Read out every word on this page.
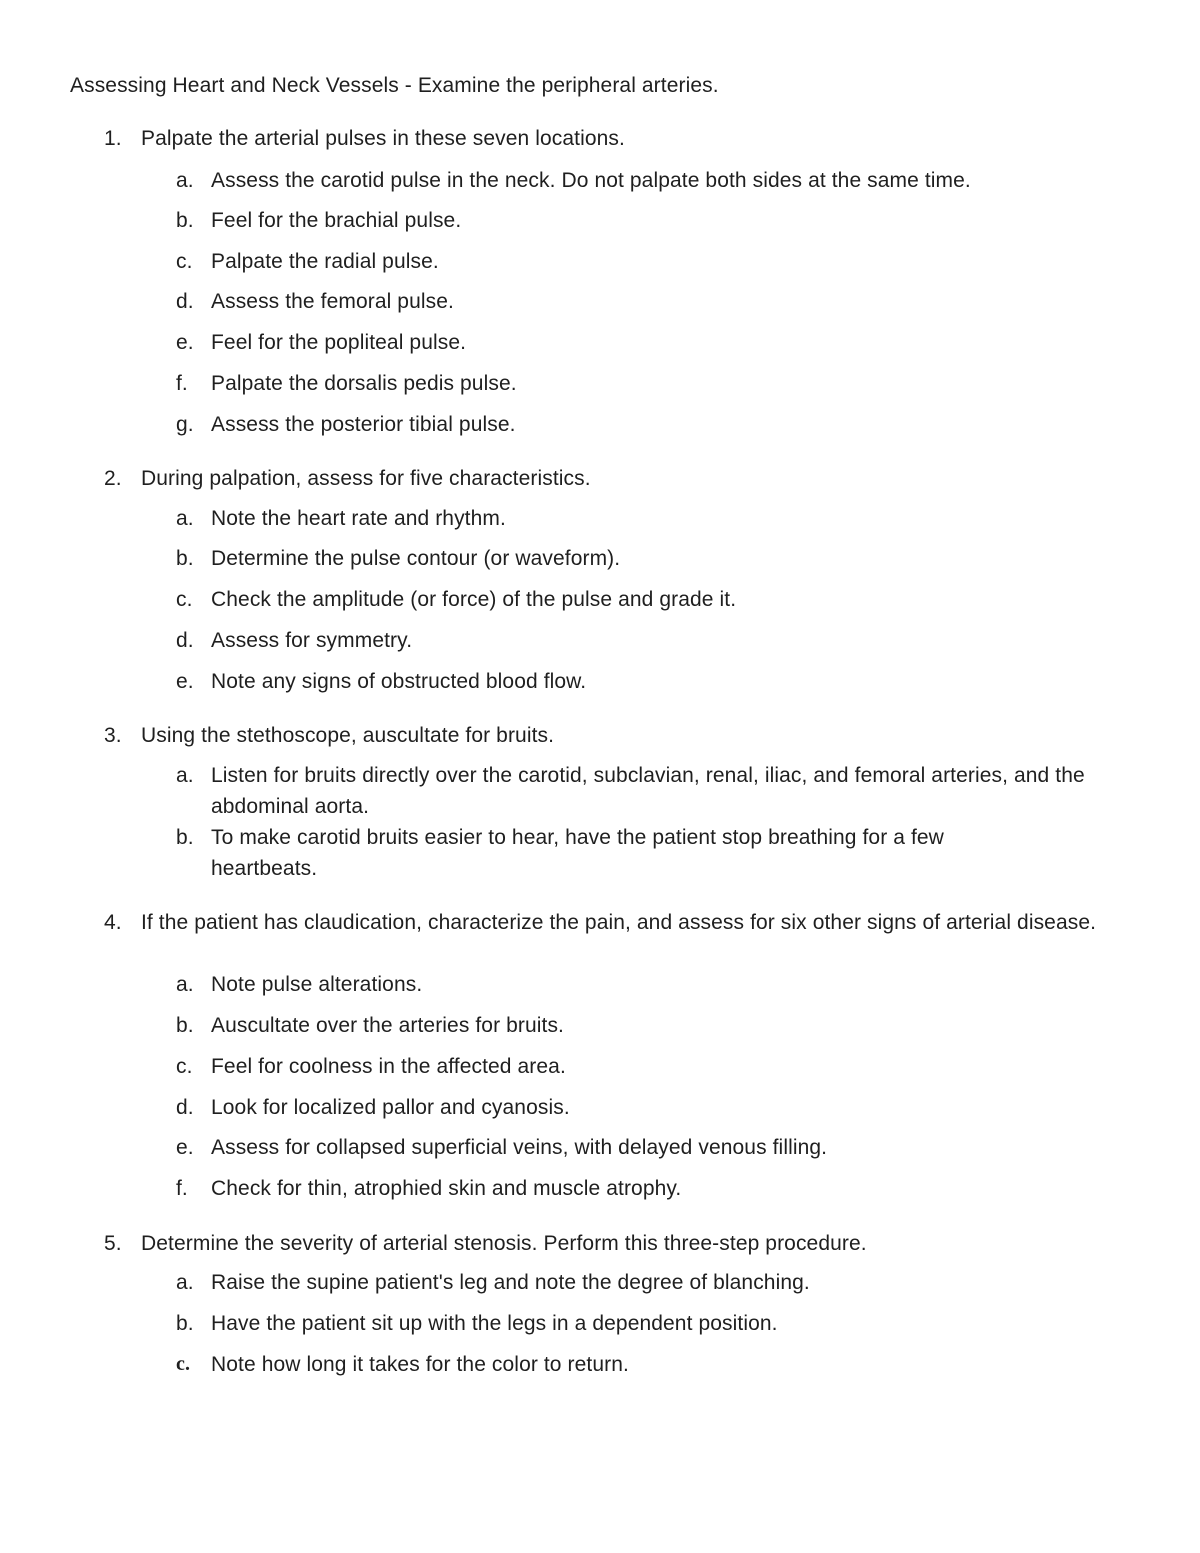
Assessing Heart and Neck Vessels - Examine the peripheral arteries.
1. Palpate the arterial pulses in these seven locations.
a. Assess the carotid pulse in the neck. Do not palpate both sides at the same time.
b. Feel for the brachial pulse.
c. Palpate the radial pulse.
d. Assess the femoral pulse.
e. Feel for the popliteal pulse.
f.	Palpate the dorsalis pedis pulse.
g. Assess the posterior tibial pulse.
2. During palpation, assess for five characteristics.
a. Note the heart rate and rhythm.
b. Determine the pulse contour (or waveform).
c. Check the amplitude (or force) of the pulse and grade it.
d. Assess for symmetry.
e. Note any signs of obstructed blood flow.
3. Using the stethoscope, auscultate for bruits.
a. Listen for bruits directly over the carotid, subclavian, renal, iliac, and femoral arteries, and the abdominal aorta.
b. To make carotid bruits easier to hear, have the patient stop breathing for a few heartbeats.
4. If the patient has claudication, characterize the pain, and assess for six other signs of arterial disease.
a. Note pulse alterations.
b. Auscultate over the arteries for bruits.
c. Feel for coolness in the affected area.
d. Look for localized pallor and cyanosis.
e. Assess for collapsed superficial veins, with delayed venous filling.
f.	Check for thin, atrophied skin and muscle atrophy.
5. Determine the severity of arterial stenosis. Perform this three-step procedure.
a. Raise the supine patient's leg and note the degree of blanching.
b. Have the patient sit up with the legs in a dependent position.
c. Note how long it takes for the color to return.
